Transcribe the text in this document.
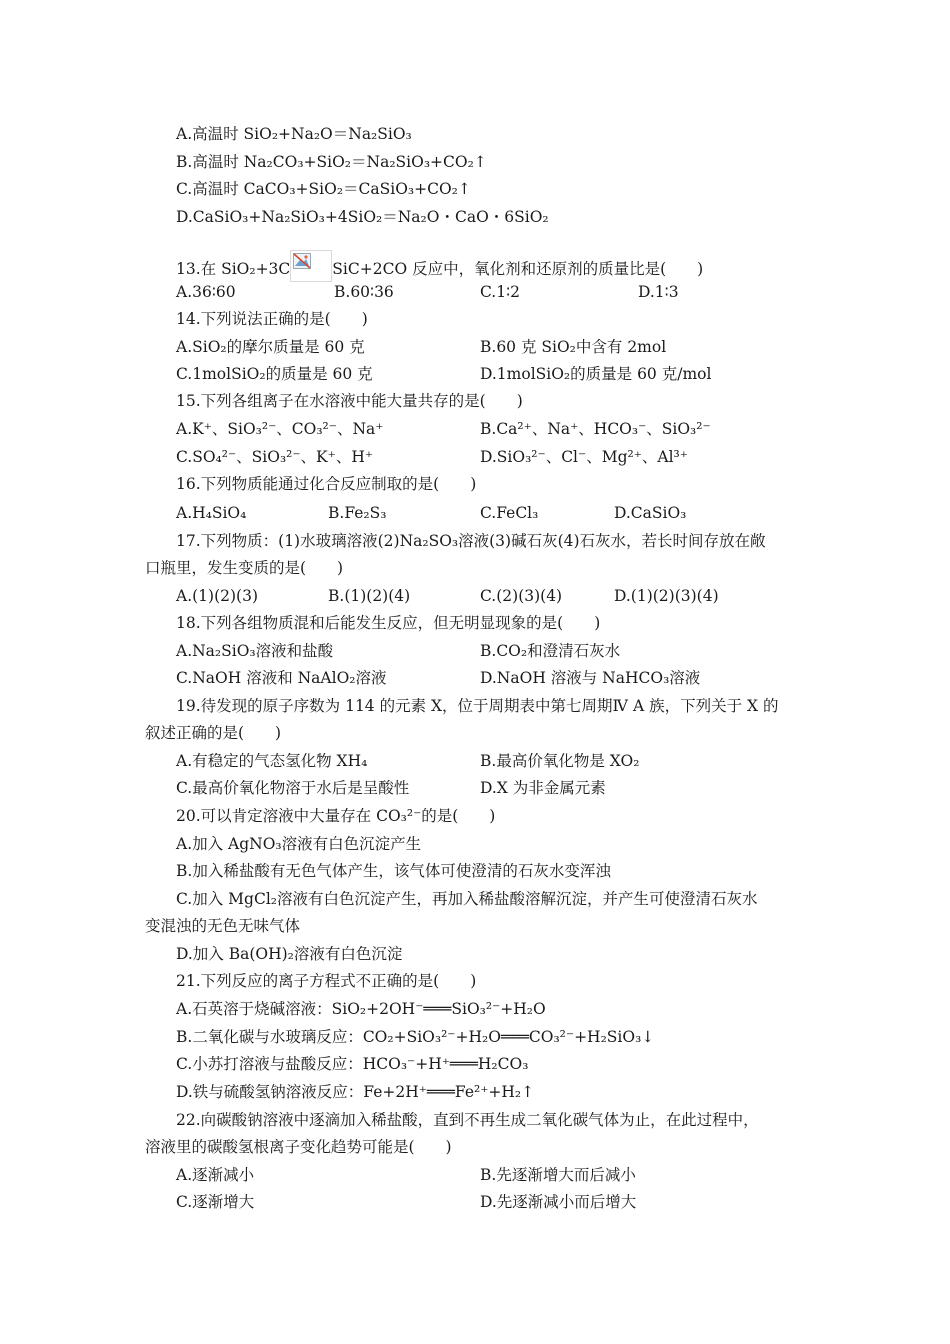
A.高温时 SiO₂+Na₂O＝Na₂SiO₃
B.高温时 Na₂CO₃+SiO₂＝Na₂SiO₃+CO₂↑
C.高温时 CaCO₃+SiO₂＝CaSiO₃+CO₂↑
D.CaSiO₃+Na₂SiO₃+4SiO₂＝Na₂O・CaO・6SiO₂
13.在 SiO₂+3C	SiC+2CO 反应中，氧化剂和还原剂的质量比是(　　)
A.36∶60	B.60∶36	C.1∶2	D.1∶3
14.下列说法正确的是(　　)
A.SiO₂的摩尔质量是 60 克	B.60 克 SiO₂中含有 2mol
C.1molSiO₂的质量是 60 克	D.1molSiO₂的质量是 60 克/mol
15.下列各组离子在水溶液中能大量共存的是(　　)
A.K⁺、SiO₃²⁻、CO₃²⁻、Na⁺	B.Ca²⁺、Na⁺、HCO₃⁻、SiO₃²⁻
C.SO₄²⁻、SiO₃²⁻、K⁺、H⁺	D.SiO₃²⁻、Cl⁻、Mg²⁺、Al³⁺
16.下列物质能通过化合反应制取的是(　　)
A.H₄SiO₄	B.Fe₂S₃	C.FeCl₃	D.CaSiO₃
17.下列物质：(1)水玻璃溶液(2)Na₂SO₃溶液(3)碱石灰(4)石灰水，若长时间存放在敞
口瓶里，发生变质的是(　　)
A.(1)(2)(3)	B.(1)(2)(4)	C.(2)(3)(4)	D.(1)(2)(3)(4)
18.下列各组物质混和后能发生反应，但无明显现象的是(　　)
A.Na₂SiO₃溶液和盐酸	B.CO₂和澄清石灰水
C.NaOH 溶液和 NaAlO₂溶液	D.NaOH 溶液与 NaHCO₃溶液
19.待发现的原子序数为 114 的元素 X，位于周期表中第七周期Ⅳ A 族，下列关于 X 的
叙述正确的是(　　)
A.有稳定的气态氢化物 XH₄	B.最高价氧化物是 XO₂
C.最高价氧化物溶于水后是呈酸性	D.X 为非金属元素
20.可以肯定溶液中大量存在 CO₃²⁻的是(　　)
A.加入 AgNO₃溶液有白色沉淀产生
B.加入稀盐酸有无色气体产生，该气体可使澄清的石灰水变浑浊
C.加入 MgCl₂溶液有白色沉淀产生，再加入稀盐酸溶解沉淀，并产生可使澄清石灰水
变混浊的无色无味气体
D.加入 Ba(OH)₂溶液有白色沉淀
21.下列反应的离子方程式不正确的是(　　)
A.石英溶于烧碱溶液：SiO₂+2OH⁻═══SiO₃²⁻+H₂O
B.二氧化碳与水玻璃反应：CO₂+SiO₃²⁻+H₂O═══CO₃²⁻+H₂SiO₃↓
C.小苏打溶液与盐酸反应：HCO₃⁻+H⁺═══H₂CO₃
D.铁与硫酸氢钠溶液反应：Fe+2H⁺═══Fe²⁺+H₂↑
22.向碳酸钠溶液中逐滴加入稀盐酸，直到不再生成二氧化碳气体为止，在此过程中，
溶液里的碳酸氢根离子变化趋势可能是(　　)
A.逐渐减小	B.先逐渐增大而后减小
C.逐渐增大	D.先逐渐减小而后增大
